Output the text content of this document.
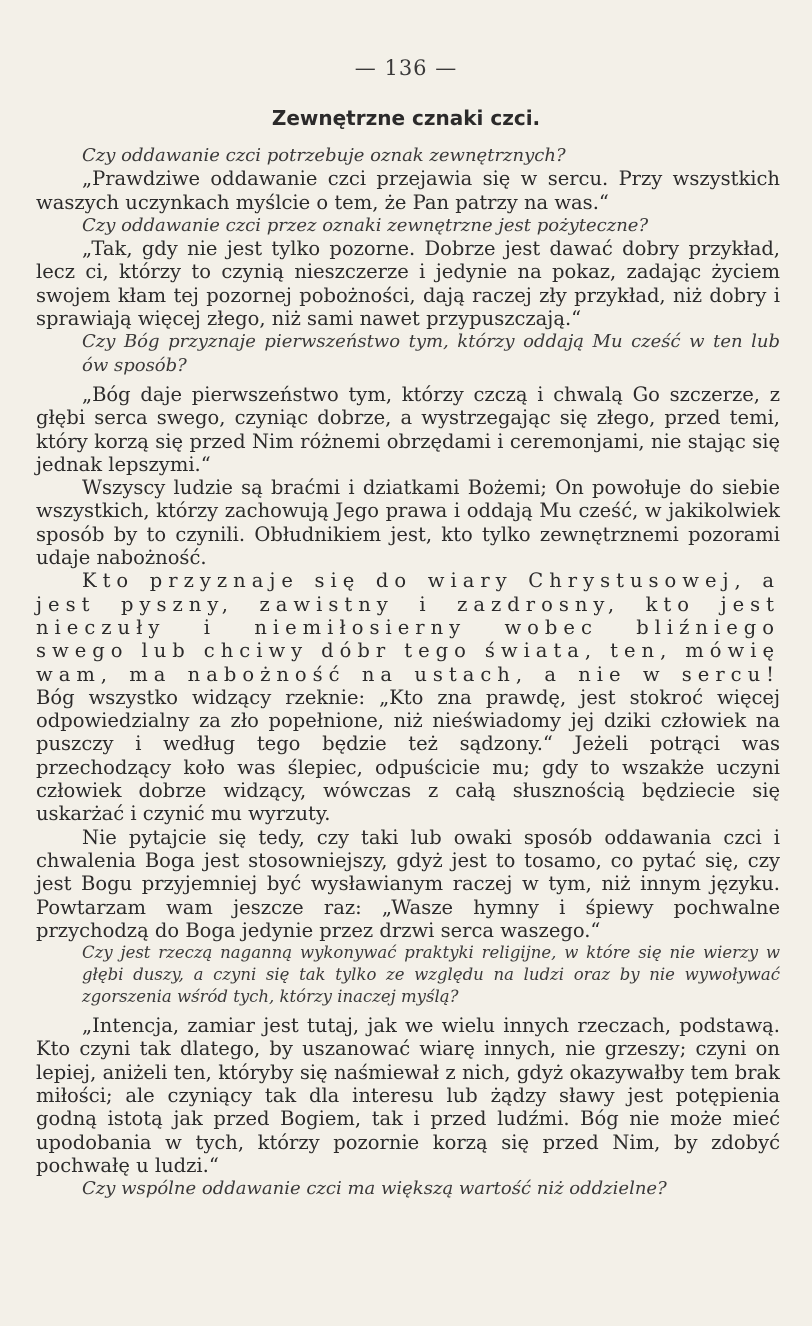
— 136 —
Zewnętrzne cznaki czci.

Czy oddawanie czci potrzebuje oznak zewnętrznych?

„Prawdziwe oddawanie czci przejawia się w sercu. Przy wszystkich waszych uczynkach myślcie o tem, że Pan patrzy na was.“

Czy oddawanie czci przez oznaki zewnętrzne jest pożyteczne?

„Tak, gdy nie jest tylko pozorne. Dobrze jest dawać dobry przykład, lecz ci, którzy to czynią nieszczerze i jedynie na pokaz, zadając życiem swojem kłam tej pozornej pobożności, dają raczej zły przykład, niż dobry i sprawiają więcej złego, niż sami nawet przypuszczają.“

Czy Bóg przyznaje pierwszeństwo tym, którzy oddają Mu cześć w ten lub ów sposób?

„Bóg daje pierwszeństwo tym, którzy czczą i chwalą Go szczerze, z głębi serca swego, czyniąc dobrze, a wystrzegając się złego, przed temi, który korzą się przed Nim różnemi obrzędami i ceremonjami, nie stając się jednak lepszymi.“

Wszyscy ludzie są braćmi i dziatkami Bożemi; On powołuje do siebie wszystkich, którzy zachowują Jego prawa i oddają Mu cześć, w jakikolwiek sposób by to czynili. Obłudnikiem jest, kto tylko zewnętrznemi pozorami udaje nabożność.

Kto przyznaje się do wiary Chrystusowej, a jest pyszny, zawistny i zazdrosny, kto jest nieczuły i niemiłosierny wobec bliźniego swego lub chciwy dóbr tego świata, ten, mówię wam, ma nabożność na ustach, a nie w sercu! Bóg wszystko widzący rzeknie: „Kto zna prawdę, jest stokroć więcej odpowiedzialny za zło popełnione, niż nieświadomy jej dziki człowiek na puszczy i według tego będzie też sądzony.“ Jeżeli potrąci was przechodzący koło was ślepiec, odpuścicie mu; gdy to wszakże uczyni człowiek dobrze widzący, wówczas z całą słusznością będziecie się uskarżać i czynić mu wyrzuty.

Nie pytajcie się tedy, czy taki lub owaki sposób oddawania czci i chwalenia Boga jest stosowniejszy, gdyż jest to tosamo, co pytać się, czy jest Bogu przyjemniej być wysławianym raczej w tym, niż innym języku. Powtarzam wam jeszcze raz: „Wasze hymny i śpiewy pochwalne przychodzą do Boga jedynie przez drzwi serca waszego.“

Czy jest rzeczą naganną wykonywać praktyki religijne, w które się nie wierzy w głębi duszy, a czyni się tak tylko ze względu na ludzi oraz by nie wywoływać zgorszenia wśród tych, którzy inaczej myślą?

„Intencja, zamiar jest tutaj, jak we wielu innych rzeczach, podstawą. Kto czyni tak dlatego, by uszanować wiarę innych, nie grzeszy; czyni on lepiej, aniżeli ten, któryby się naśmiewał z nich, gdyż okazywałby tem brak miłości; ale czyniący tak dla interesu lub żądzy sławy jest potępienia godną istotą jak przed Bogiem, tak i przed ludźmi. Bóg nie może mieć upodobania w tych, którzy pozornie korzą się przed Nim, by zdobyć pochwałę u ludzi.“

Czy wspólne oddawanie czci ma większą wartość niż oddzielne?
